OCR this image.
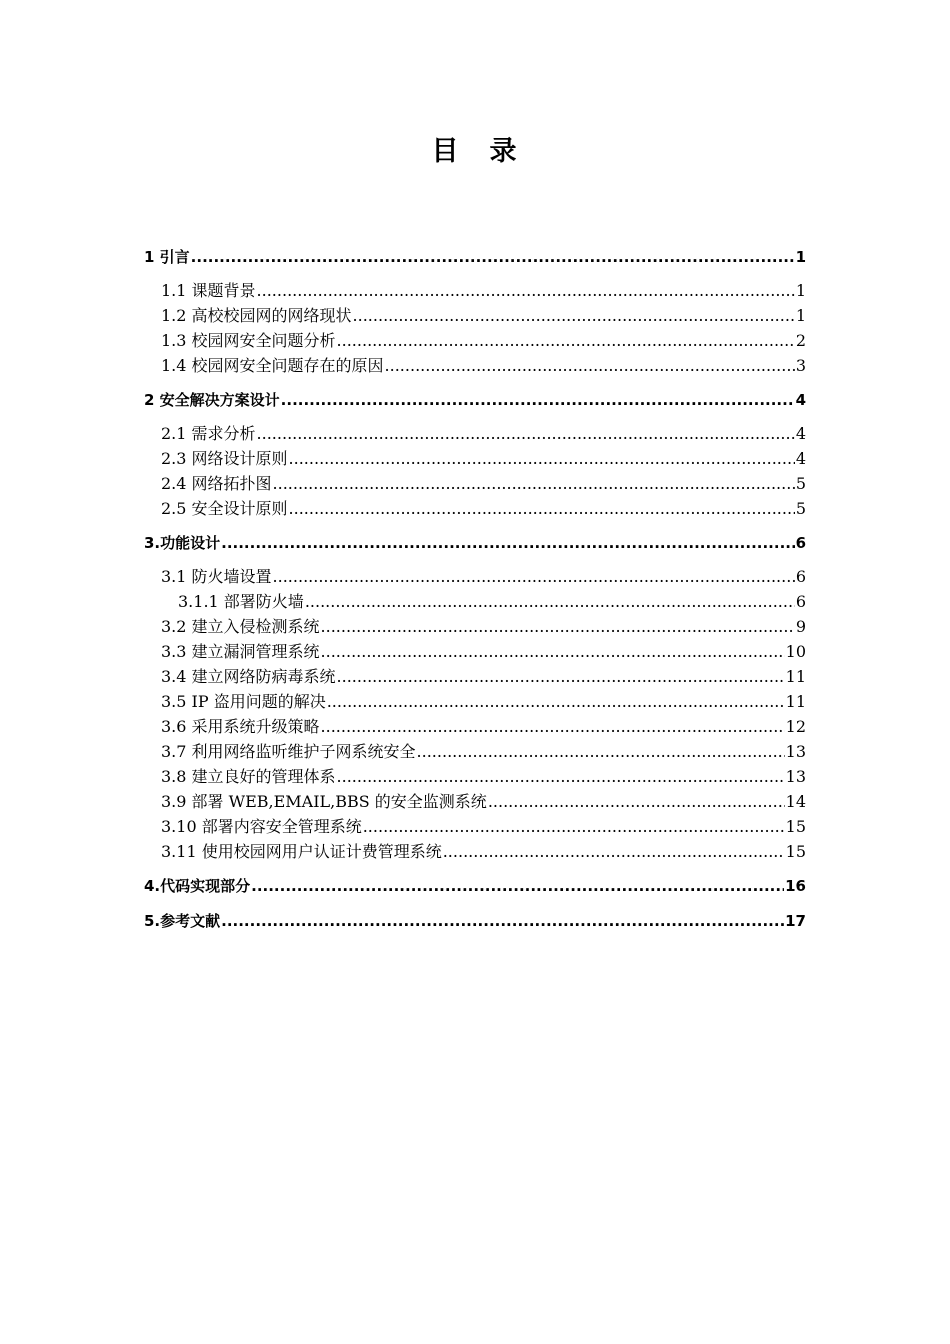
目　录
1 引言 .....	1
1.1 课题背景 .....	1
1.2 高校校园网的网络现状 .....	1
1.3 校园网安全问题分析 .....	2
1.4 校园网安全问题存在的原因 .....	3
2 安全解决方案设计 .....	4
2.1 需求分析 .....	4
2.3 网络设计原则 .....	4
2.4 网络拓扑图 .....	5
2.5 安全设计原则 .....	5
3.功能设计 .....	6
3.1 防火墙设置 .....	6
3.1.1 部署防火墙 .....	6
3.2 建立入侵检测系统 .....	9
3.3 建立漏洞管理系统 .....	10
3.4 建立网络防病毒系统 .....	11
3.5 IP 盗用问题的解决 .....	11
3.6 采用系统升级策略 .....	12
3.7 利用网络监听维护子网系统安全 .....	13
3.8 建立良好的管理体系 .....	13
3.9 部署 WEB,EMAIL,BBS 的安全监测系统 .....	14
3.10 部署内容安全管理系统 .....	15
3.11 使用校园网用户认证计费管理系统 .....	15
4.代码实现部分 .....	16
5.参考文献 .....	17
